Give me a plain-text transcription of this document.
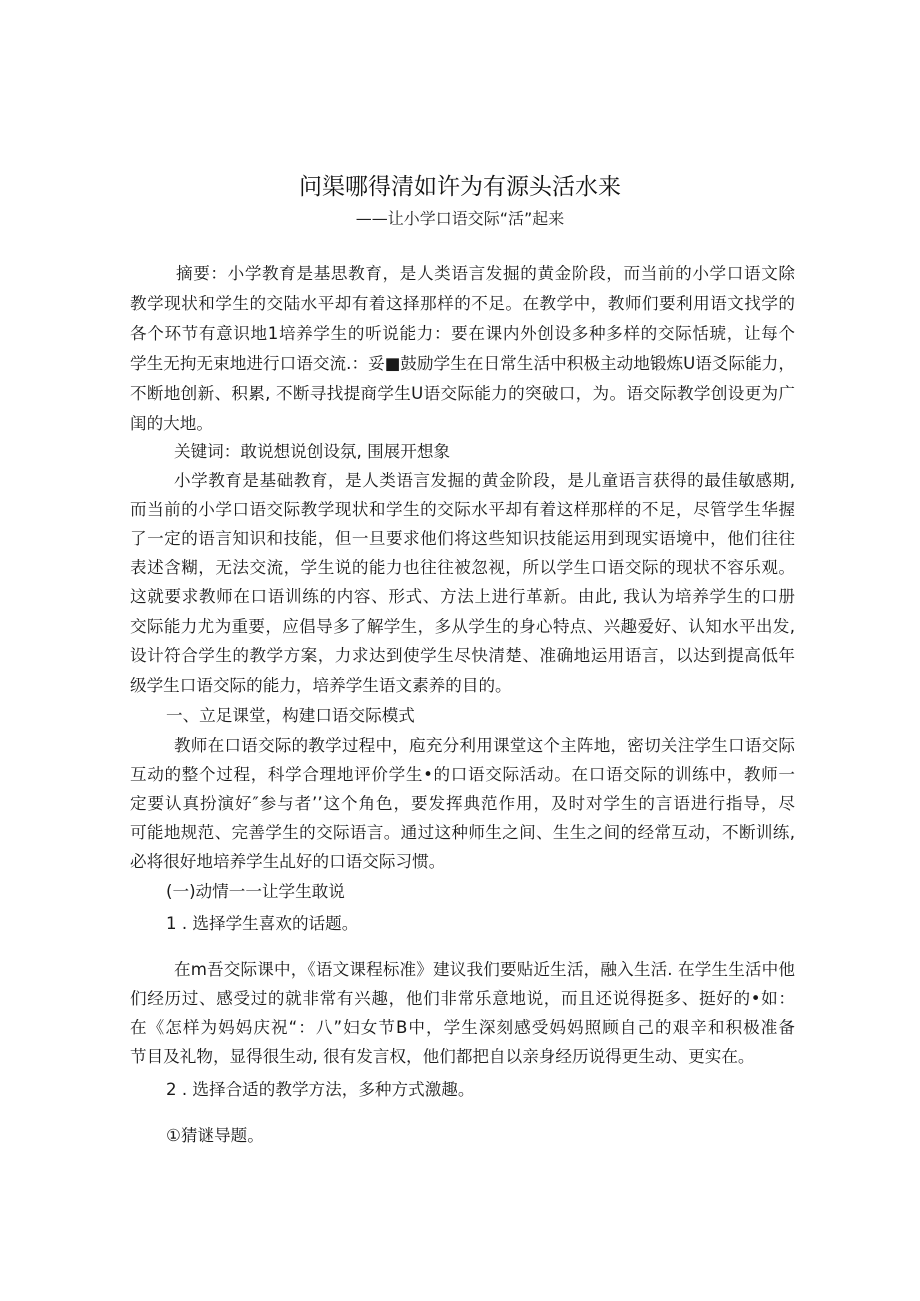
问渠哪得清如许为有源头活水来
——让小学口语交际“活”起来
摘要：小学教育是基思教育，是人类语言发掘的黄金阶段，而当前的小学口语文除
教学现状和学生的交陆水平却有着这择那样的不足。在教学中，教师们要利用语文找学的
各个环节有意识地1培养学生的听说能力：要在课内外创设多种多样的交际恬琥，让每个
学生无拘无束地进行口语交流.：妥■鼓励学生在日常生活中积极主动地锻炼U语爻际能力，
不断地创新、积累, 不断寻找提商学生U语交际能力的突破口，为。语交际教学创设更为广
闺的大地。
关键词：敢说想说创设氛, 围展开想象
小学教育是基础教育，是人类语言发掘的黄金阶段，是儿童语言获得的最佳敏感期,
而当前的小学口语交际教学现状和学生的交际水平却有着这样那样的不足，尽管学生华握
了一定的语言知识和技能，但一旦要求他们将这些知识技能运用到现实语境中，他们往往
表述含糊，无法交流，学生说的能力也往往被忽视，所以学生口语交际的现状不容乐观。
这就要求教师在口语训练的内容、形式、方法上进行革新。由此, 我认为培养学生的口册
交际能力尤为重要，应倡导多了解学生，多从学生的身心特点、兴趣爱好、认知水平出发,
设计符合学生的教学方案，力求达到使学生尽快清楚、准确地运用语言，以达到提高低年
级学生口语交际的能力，培养学生语文素养的目的。
一、立足课堂，构建口语交际模式
教师在口语交际的教学过程中，庖充分利用课堂这个主阵地，密切关注学生口语交际
互动的整个过程，科学合理地评价学生•的口语交际活动。在口语交际的训练中，教师一
定要认真扮演好″参与者’’这个角色，要发挥典范作用，及时对学生的言语进行指导，尽
可能地规范、完善学生的交际语言。通过这种师生之间、生生之间的经常互动，不断训练,
必将很好地培养学生乩好的口语交际习惯。
(一)动情一一让学生敢说
1 . 选择学生喜欢的话题。
在m吾交际课中，《语文课程标准》建议我们要贴近生活，融入生活. 在学生生活中他
们经历过、感受过的就非常有兴趣，他们非常乐意地说，而且还说得挺多、挺好的•如：
在《怎样为妈妈庆祝“：八”妇女节B中，学生深刻感受妈妈照顾自己的艰辛和积极准备
节目及礼物，显得很生动, 很有发言权，他们都把自以亲身经历说得更生动、更实在。
2 . 选择合适的教学方法，多种方式激趣。
①猜谜导题。
